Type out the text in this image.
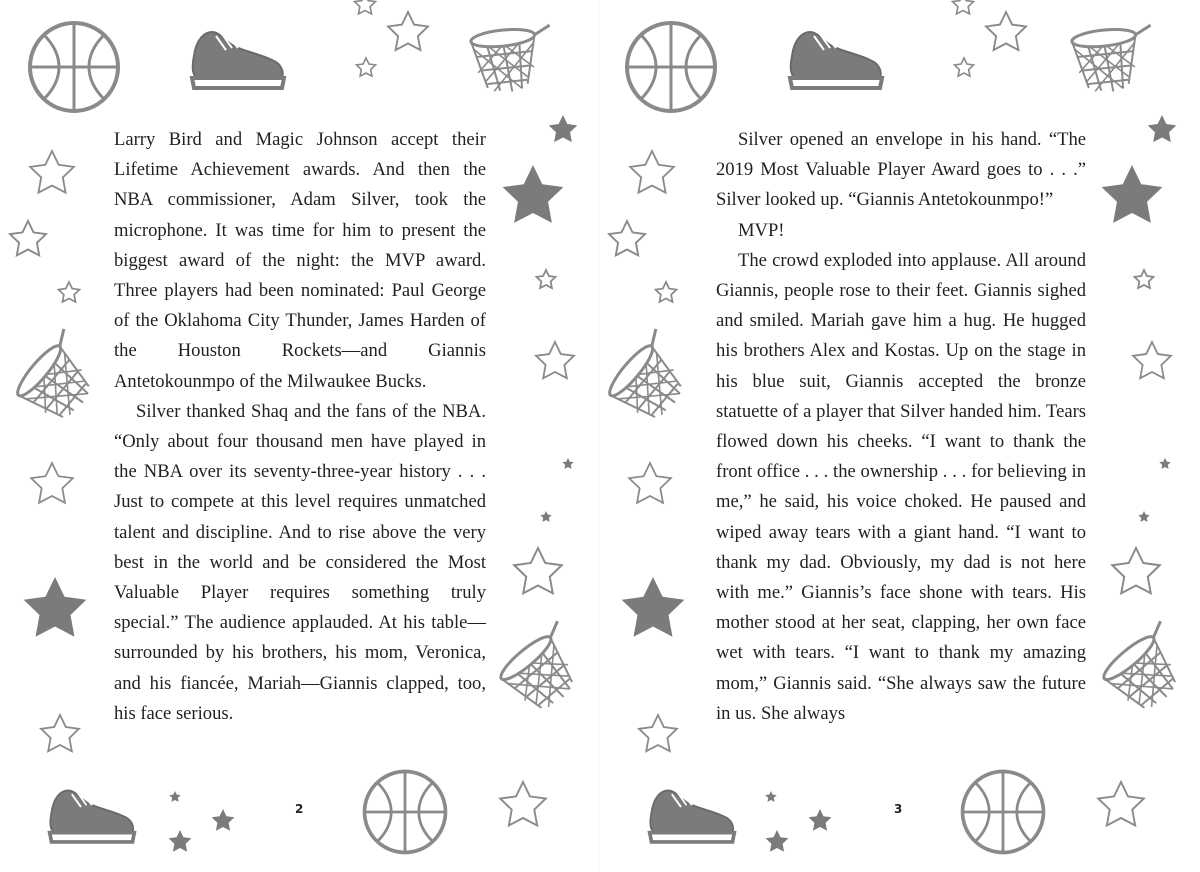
Larry Bird and Magic Johnson accept their Lifetime Achievement awards. And then the NBA commissioner, Adam Silver, took the microphone. It was time for him to present the biggest award of the night: the MVP award. Three players had been nominated: Paul George of the Oklahoma City Thunder, James Harden of the Houston Rockets—and Giannis Antetokounmpo of the Milwaukee Bucks.

Silver thanked Shaq and the fans of the NBA. “Only about four thousand men have played in the NBA over its seventy-three-year history . . . Just to compete at this level requires unmatched talent and discipline. And to rise above the very best in the world and be considered the Most Valuable Player requires something truly special.” The audience applauded. At his table—surrounded by his brothers, his mom, Veronica, and his fiancée, Mariah—Giannis clapped, too, his face serious.

2

Silver opened an envelope in his hand. “The 2019 Most Valuable Player Award goes to . . .” Silver looked up. “Giannis Antetokounmpo!”

MVP!

The crowd exploded into applause. All around Giannis, people rose to their feet. Giannis sighed and smiled. Mariah gave him a hug. He hugged his brothers Alex and Kostas. Up on the stage in his blue suit, Giannis accepted the bronze statuette of a player that Silver handed him. Tears flowed down his cheeks. “I want to thank the front office . . . the ownership . . . for believing in me,” he said, his voice choked. He paused and wiped away tears with a giant hand. “I want to thank my dad. Obviously, my dad is not here with me.” Giannis’s face shone with tears. His mother stood at her seat, clapping, her own face wet with tears. “I want to thank my amazing mom,” Giannis said. “She always saw the future in us. She always

3
